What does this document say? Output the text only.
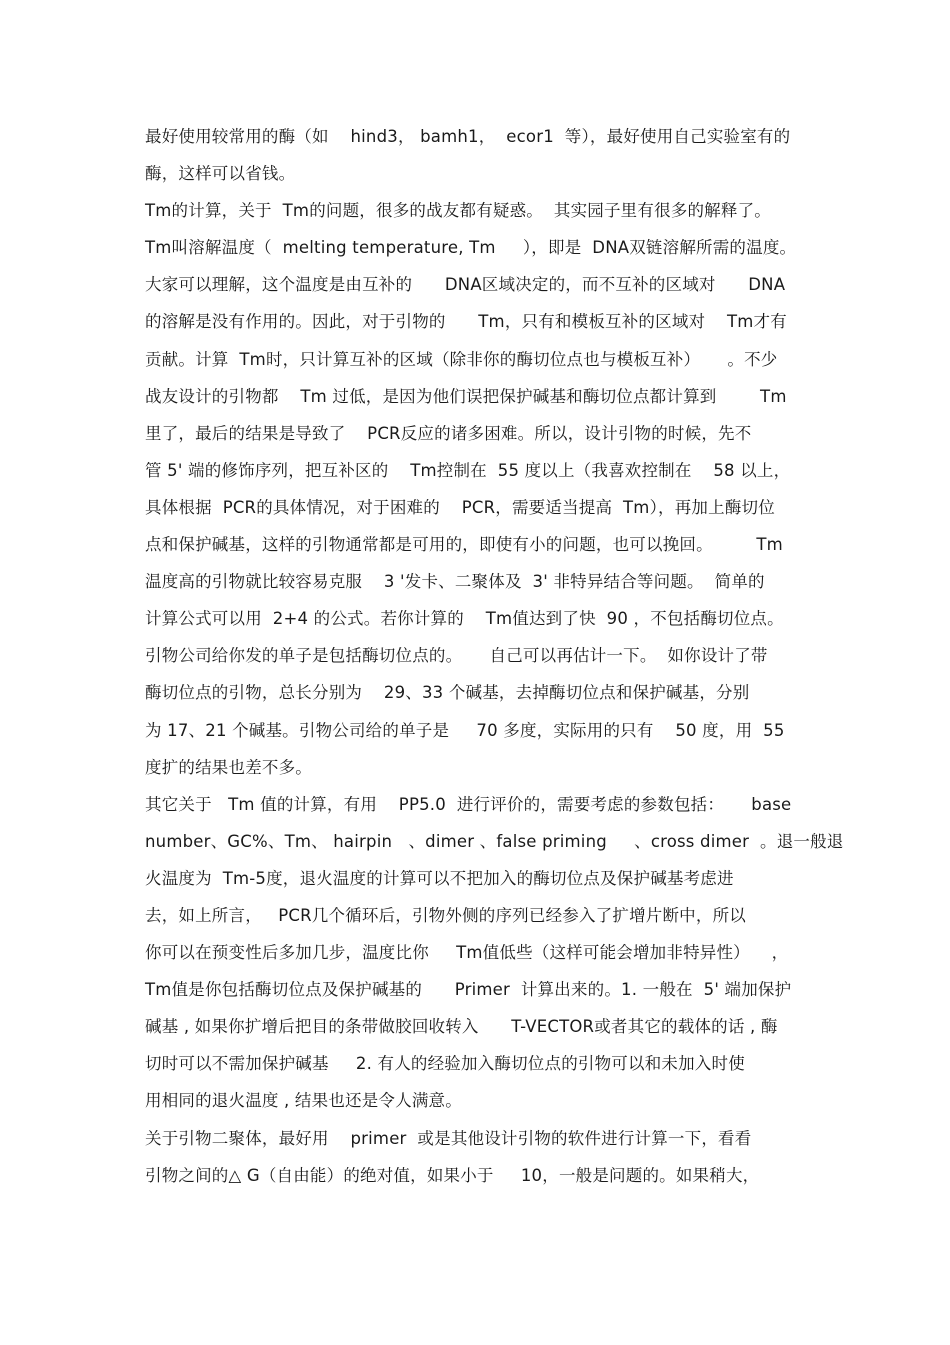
最好使用较常用的酶（如    hind3， bamh1，  ecor1  等），最好使用自己实验室有的
酶，这样可以省钱。
Tm的计算，关于  Tm的问题，很多的战友都有疑惑。  其实园子里有很多的解释了。
Tm叫溶解温度（  melting temperature, Tm     ），即是  DNA双链溶解所需的温度。
大家可以理解，这个温度是由互补的      DNA区域决定的，而不互补的区域对      DNA
的溶解是没有作用的。因此，对于引物的      Tm，只有和模板互补的区域对    Tm才有
贡献。计算  Tm时，只计算互补的区域（除非你的酶切位点也与模板互补）     。不少
战友设计的引物都    Tm 过低，是因为他们误把保护碱基和酶切位点都计算到        Tm
里了，最后的结果是导致了    PCR反应的诸多困难。所以，设计引物的时候，先不
管 5' 端的修饰序列，把互补区的    Tm控制在  55 度以上（我喜欢控制在    58 以上，
具体根据  PCR的具体情况，对于困难的    PCR，需要适当提高  Tm），再加上酶切位
点和保护碱基，这样的引物通常都是可用的，即使有小的问题，也可以挽回。        Tm
温度高的引物就比较容易克服    3 '发卡、二聚体及  3' 非特异结合等问题。  简单的
计算公式可以用  2+4 的公式。若你计算的    Tm值达到了快  90 ，不包括酶切位点。
引物公司给你发的单子是包括酶切位点的。     自己可以再估计一下。  如你设计了带
酶切位点的引物，总长分别为    29、33 个碱基，去掉酶切位点和保护碱基，分别
为 17、21 个碱基。引物公司给的单子是     70 多度，实际用的只有    50 度，用  55
度扩的结果也差不多。
其它关于   Tm 值的计算，有用    PP5.0  进行评价的，需要考虑的参数包括：     base
number、GC%、Tm、 hairpin   、dimer 、false priming     、cross dimer  。退一般退
火温度为  Tm-5度，退火温度的计算可以不把加入的酶切位点及保护碱基考虑进
去，如上所言，   PCR几个循环后，引物外侧的序列已经参入了扩增片断中，所以
你可以在预变性后多加几步，温度比你     Tm值低些（这样可能会增加非特异性）    ，
Tm值是你包括酶切位点及保护碱基的      Primer  计算出来的。1. 一般在  5' 端加保护
碱基 , 如果你扩增后把目的条带做胶回收转入      T-VECTOR或者其它的载体的话 , 酶
切时可以不需加保护碱基     2. 有人的经验加入酶切位点的引物可以和未加入时使
用相同的退火温度 , 结果也还是令人满意。
关于引物二聚体，最好用    primer  或是其他设计引物的软件进行计算一下，看看
引物之间的△ G（自由能）的绝对值，如果小于     10，一般是问题的。如果稍大，
